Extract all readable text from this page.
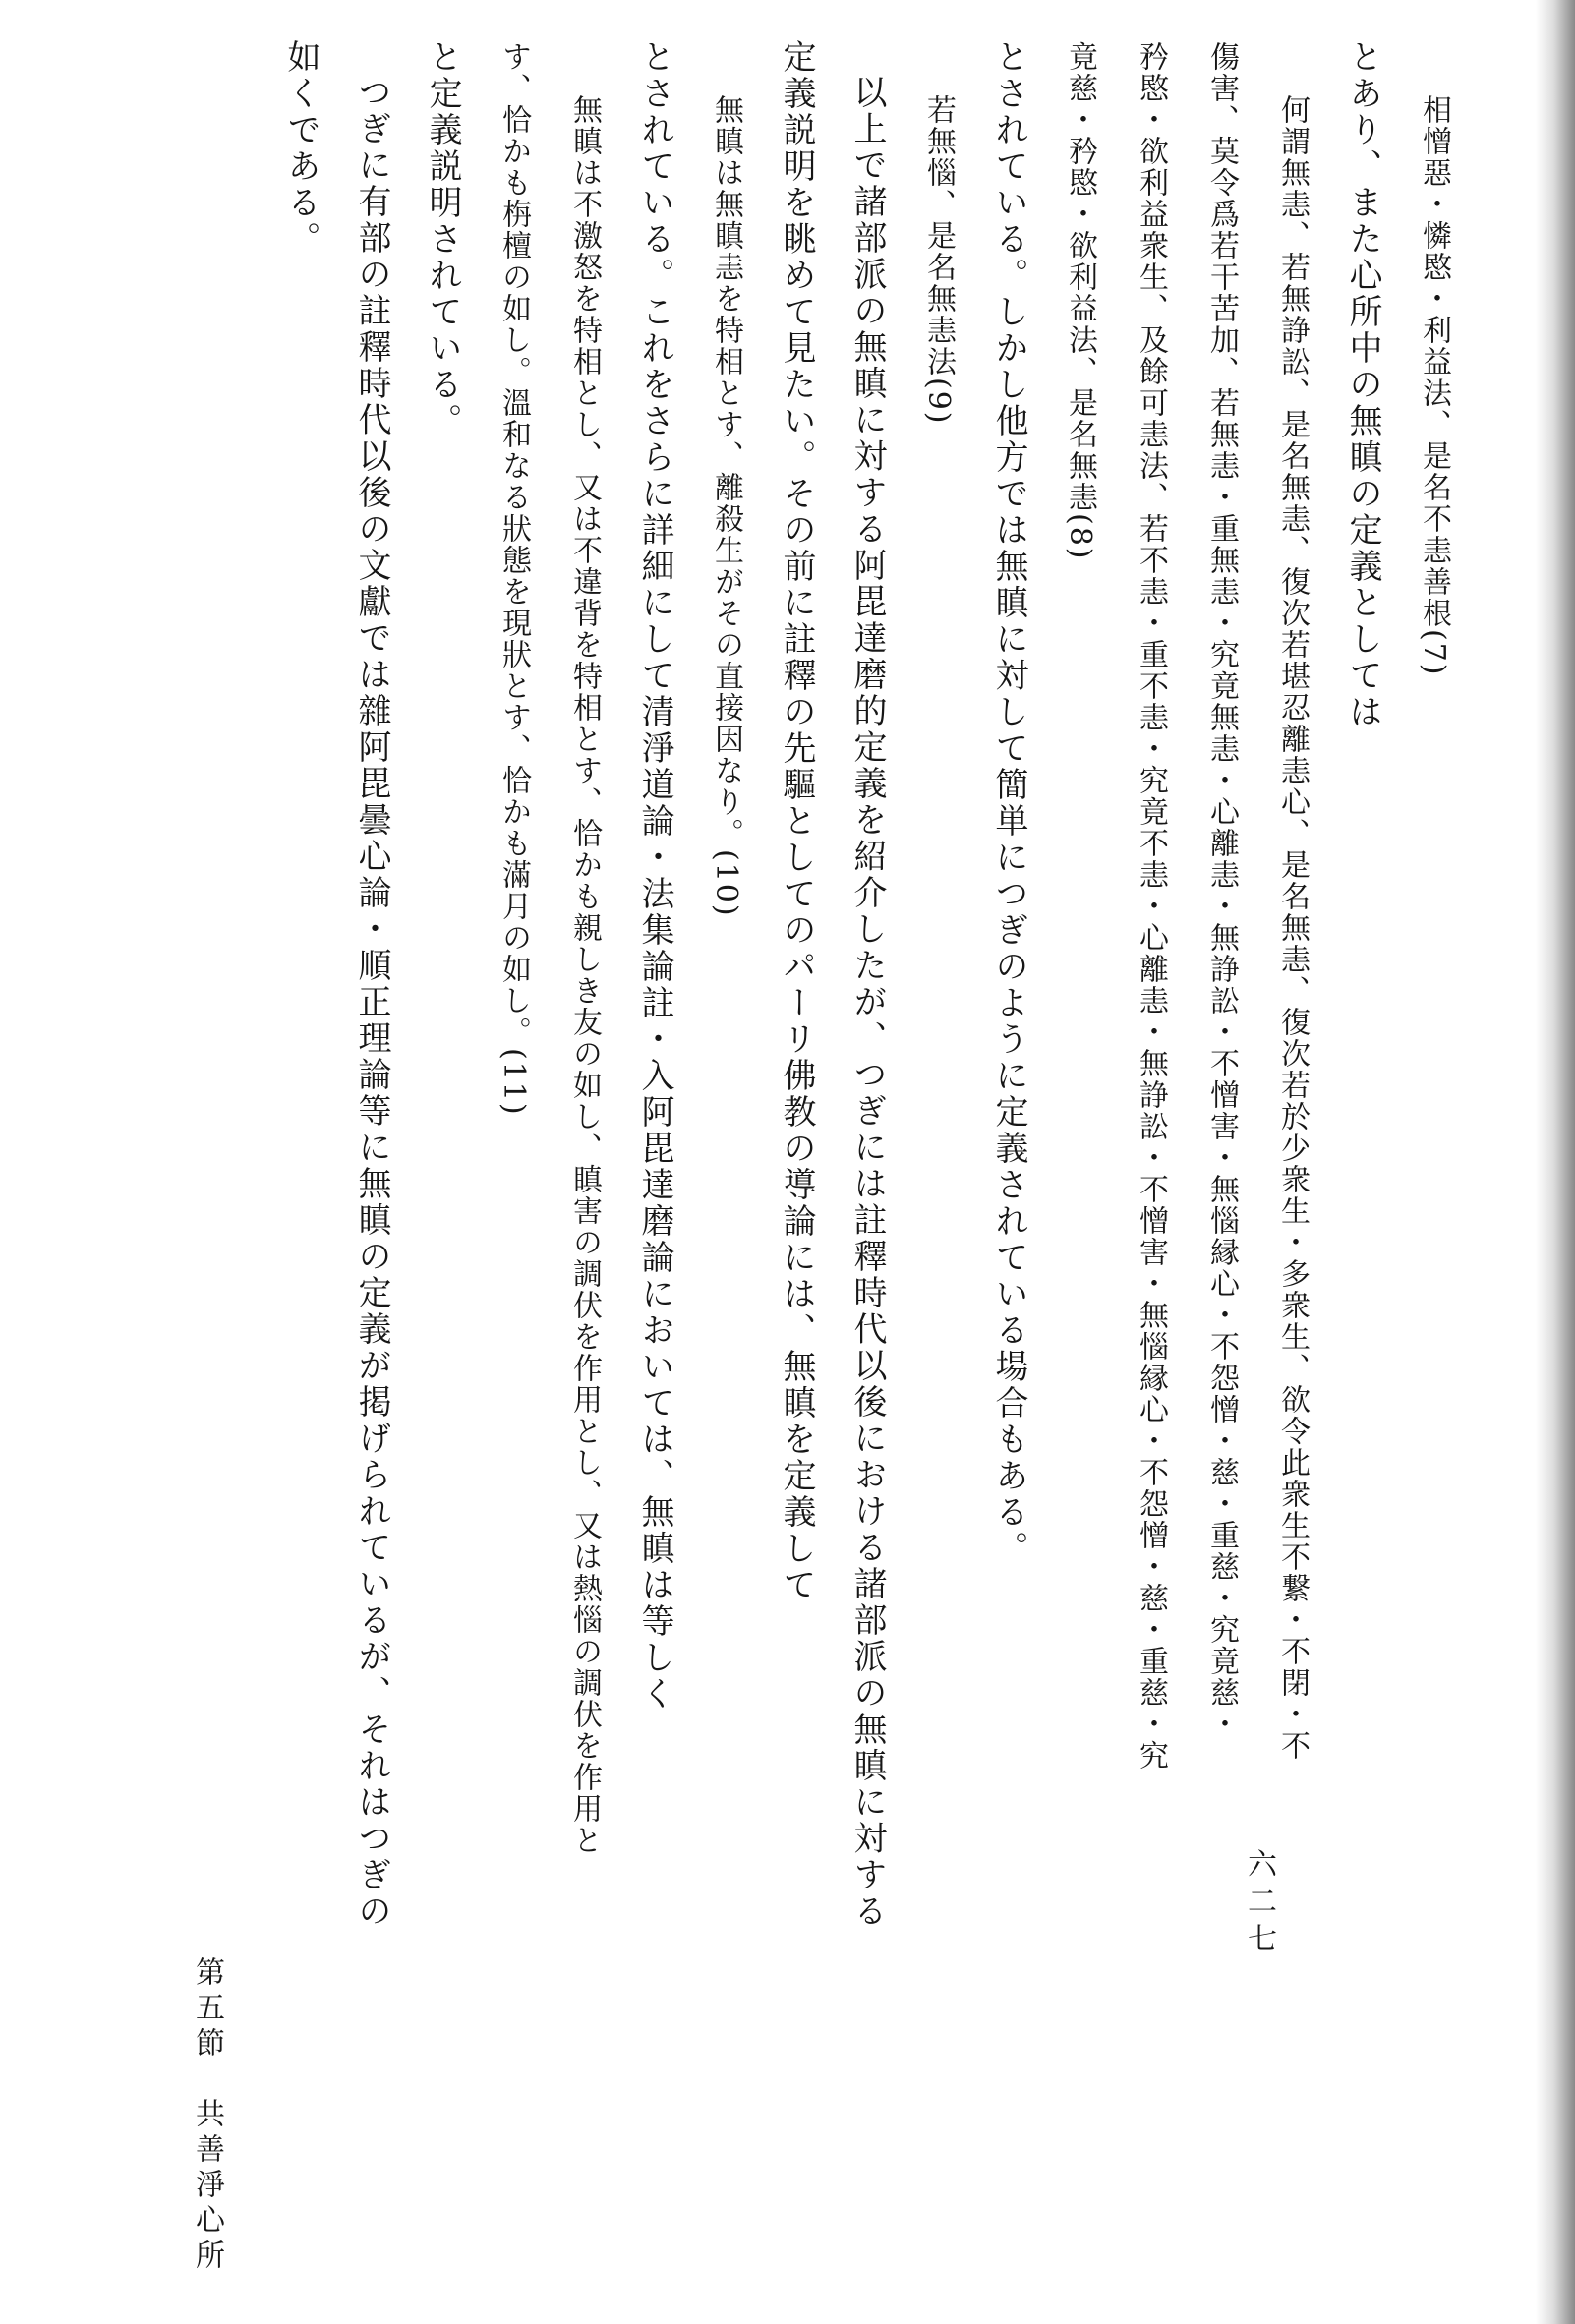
相憎惡・憐愍・利益法、是名不恚善根(7)
とあり、また心所中の無瞋の定義としては
何謂無恚、若無諍訟、是名無恚、復次若堪忍離恚心、是名無恚、復次若於少衆生・多衆生、欲令此衆生不繋・不閉・不
傷害、莫令爲若干苦加、若無恚・重無恚・究竟無恚・心離恚・無諍訟・不憎害・無惱縁心・不怨憎・慈・重慈・究竟慈・
矜愍・欲利益衆生、及餘可恚法、若不恚・重不恚・究竟不恚・心離恚・無諍訟・不憎害・無惱縁心・不怨憎・慈・重慈・究
竟慈・矜愍・欲利益法、是名無恚(8)
とされている。しかし他方では無瞋に対して簡単につぎのように定義されている場合もある。
若無惱、是名無恚法(9)
以上で諸部派の無瞋に対する阿毘達磨的定義を紹介したが、つぎには註釋時代以後における諸部派の無瞋に対する
定義説明を眺めて見たい。その前に註釋の先驅としてのパーリ佛教の導論には、無瞋を定義して
無瞋は無瞋恚を特相とす、離殺生がその直接因なり。(10)
とされている。これをさらに詳細にして清淨道論・法集論註・入阿毘達磨論においては、無瞋は等しく
無瞋は不激怒を特相とし、又は不違背を特相とす、恰かも親しき友の如し、瞋害の調伏を作用とし、又は熱惱の調伏を作用と
す、恰かも栴檀の如し。溫和なる狀態を現狀とす、恰かも滿月の如し。(11)
と定義説明されている。
つぎに有部の註釋時代以後の文獻では雜阿毘曇心論・順正理論等に無瞋の定義が掲げられているが、それはつぎの
如くである。
六二七
第五節　共善淨心所
